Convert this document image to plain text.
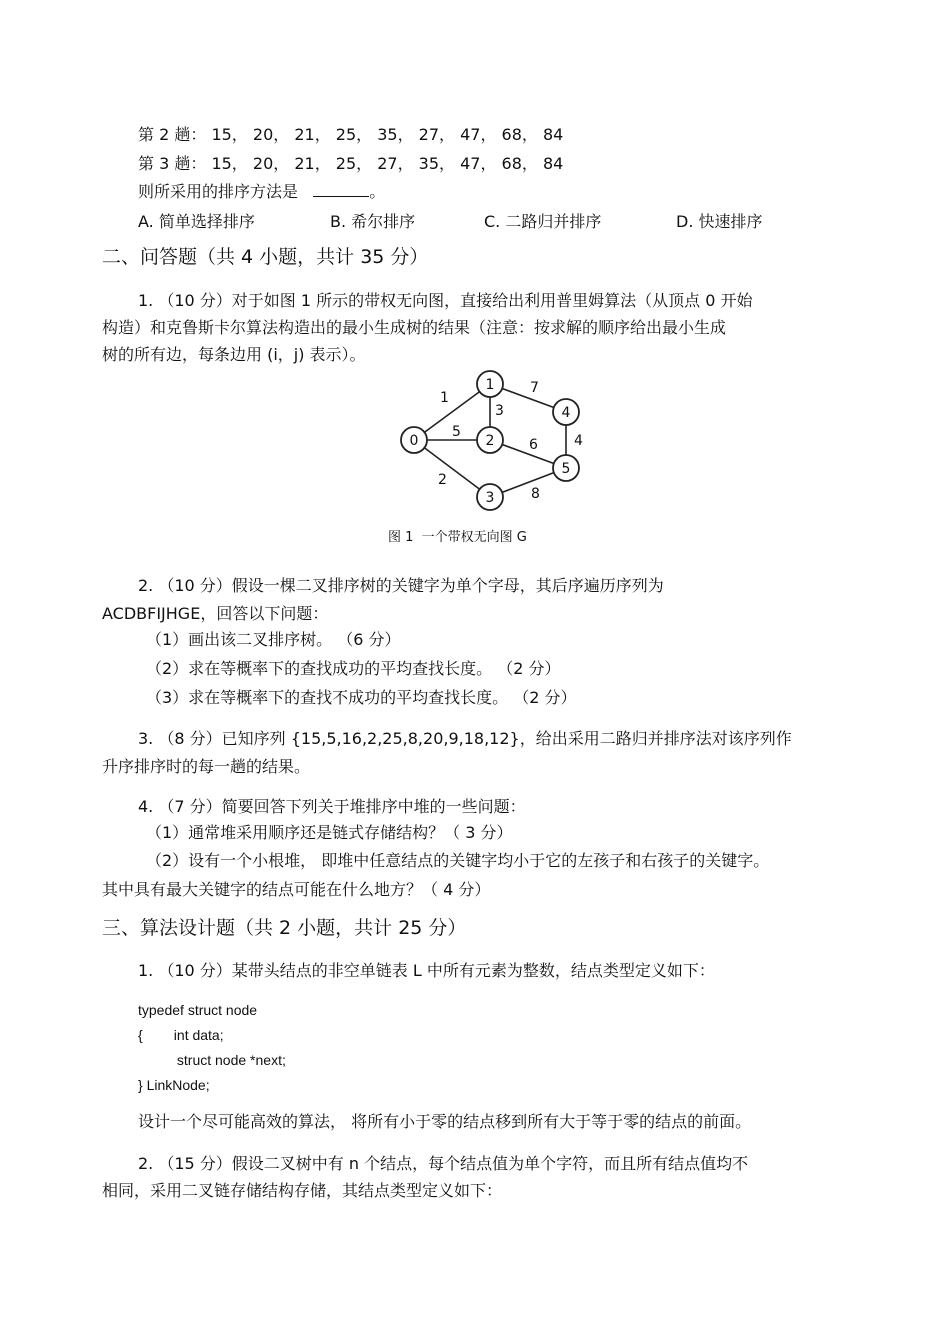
第 2 趟： 15， 20， 21， 25， 35， 27， 47， 68， 84
第 3 趟： 15， 20， 21， 25， 27， 35， 47， 68， 84
则所采用的排序方法是	。
A. 简单选择排序	B. 希尔排序	C. 二路归并排序	D. 快速排序
二、问答题（共 4 小题，共计 35 分）
1. （10 分）对于如图 1 所示的带权无向图，直接给出利用普里姆算法（从顶点 0 开始
构造）和克鲁斯卡尔算法构造出的最小生成树的结果（注意：按求解的顺序给出最小生成
树的所有边，每条边用 (i，j) 表示）。
1
5
2
3
7
6	4
8
0
1
2
3
4
5
图 1  一个带权无向图 G
2. （10 分）假设一棵二叉排序树的关键字为单个字母，其后序遍历序列为
ACDBFIJHGE，回答以下问题：
（1）画出该二叉排序树。 （6 分）
（2）求在等概率下的查找成功的平均查找长度。 （2 分）
（3）求在等概率下的查找不成功的平均查找长度。 （2 分）
3. （8 分）已知序列 {15,5,16,2,25,8,20,9,18,12}，给出采用二路归并排序法对该序列作
升序排序时的每一趟的结果。
4. （7 分）简要回答下列关于堆排序中堆的一些问题：
（1）通常堆采用顺序还是链式存储结构？（ 3 分）
（2）设有一个小根堆， 即堆中任意结点的关键字均小于它的左孩子和右孩子的关键字。
其中具有最大关键字的结点可能在什么地方？（ 4 分）
三、算法设计题（共 2 小题，共计 25 分）
1. （10 分）某带头结点的非空单链表 L 中所有元素为整数，结点类型定义如下：
typedef struct node
{        int data;
struct node *next;
} LinkNode;
设计一个尽可能高效的算法， 将所有小于零的结点移到所有大于等于零的结点的前面。
2. （15 分）假设二叉树中有 n 个结点，每个结点值为单个字符，而且所有结点值均不
相同，采用二叉链存储结构存储，其结点类型定义如下：
